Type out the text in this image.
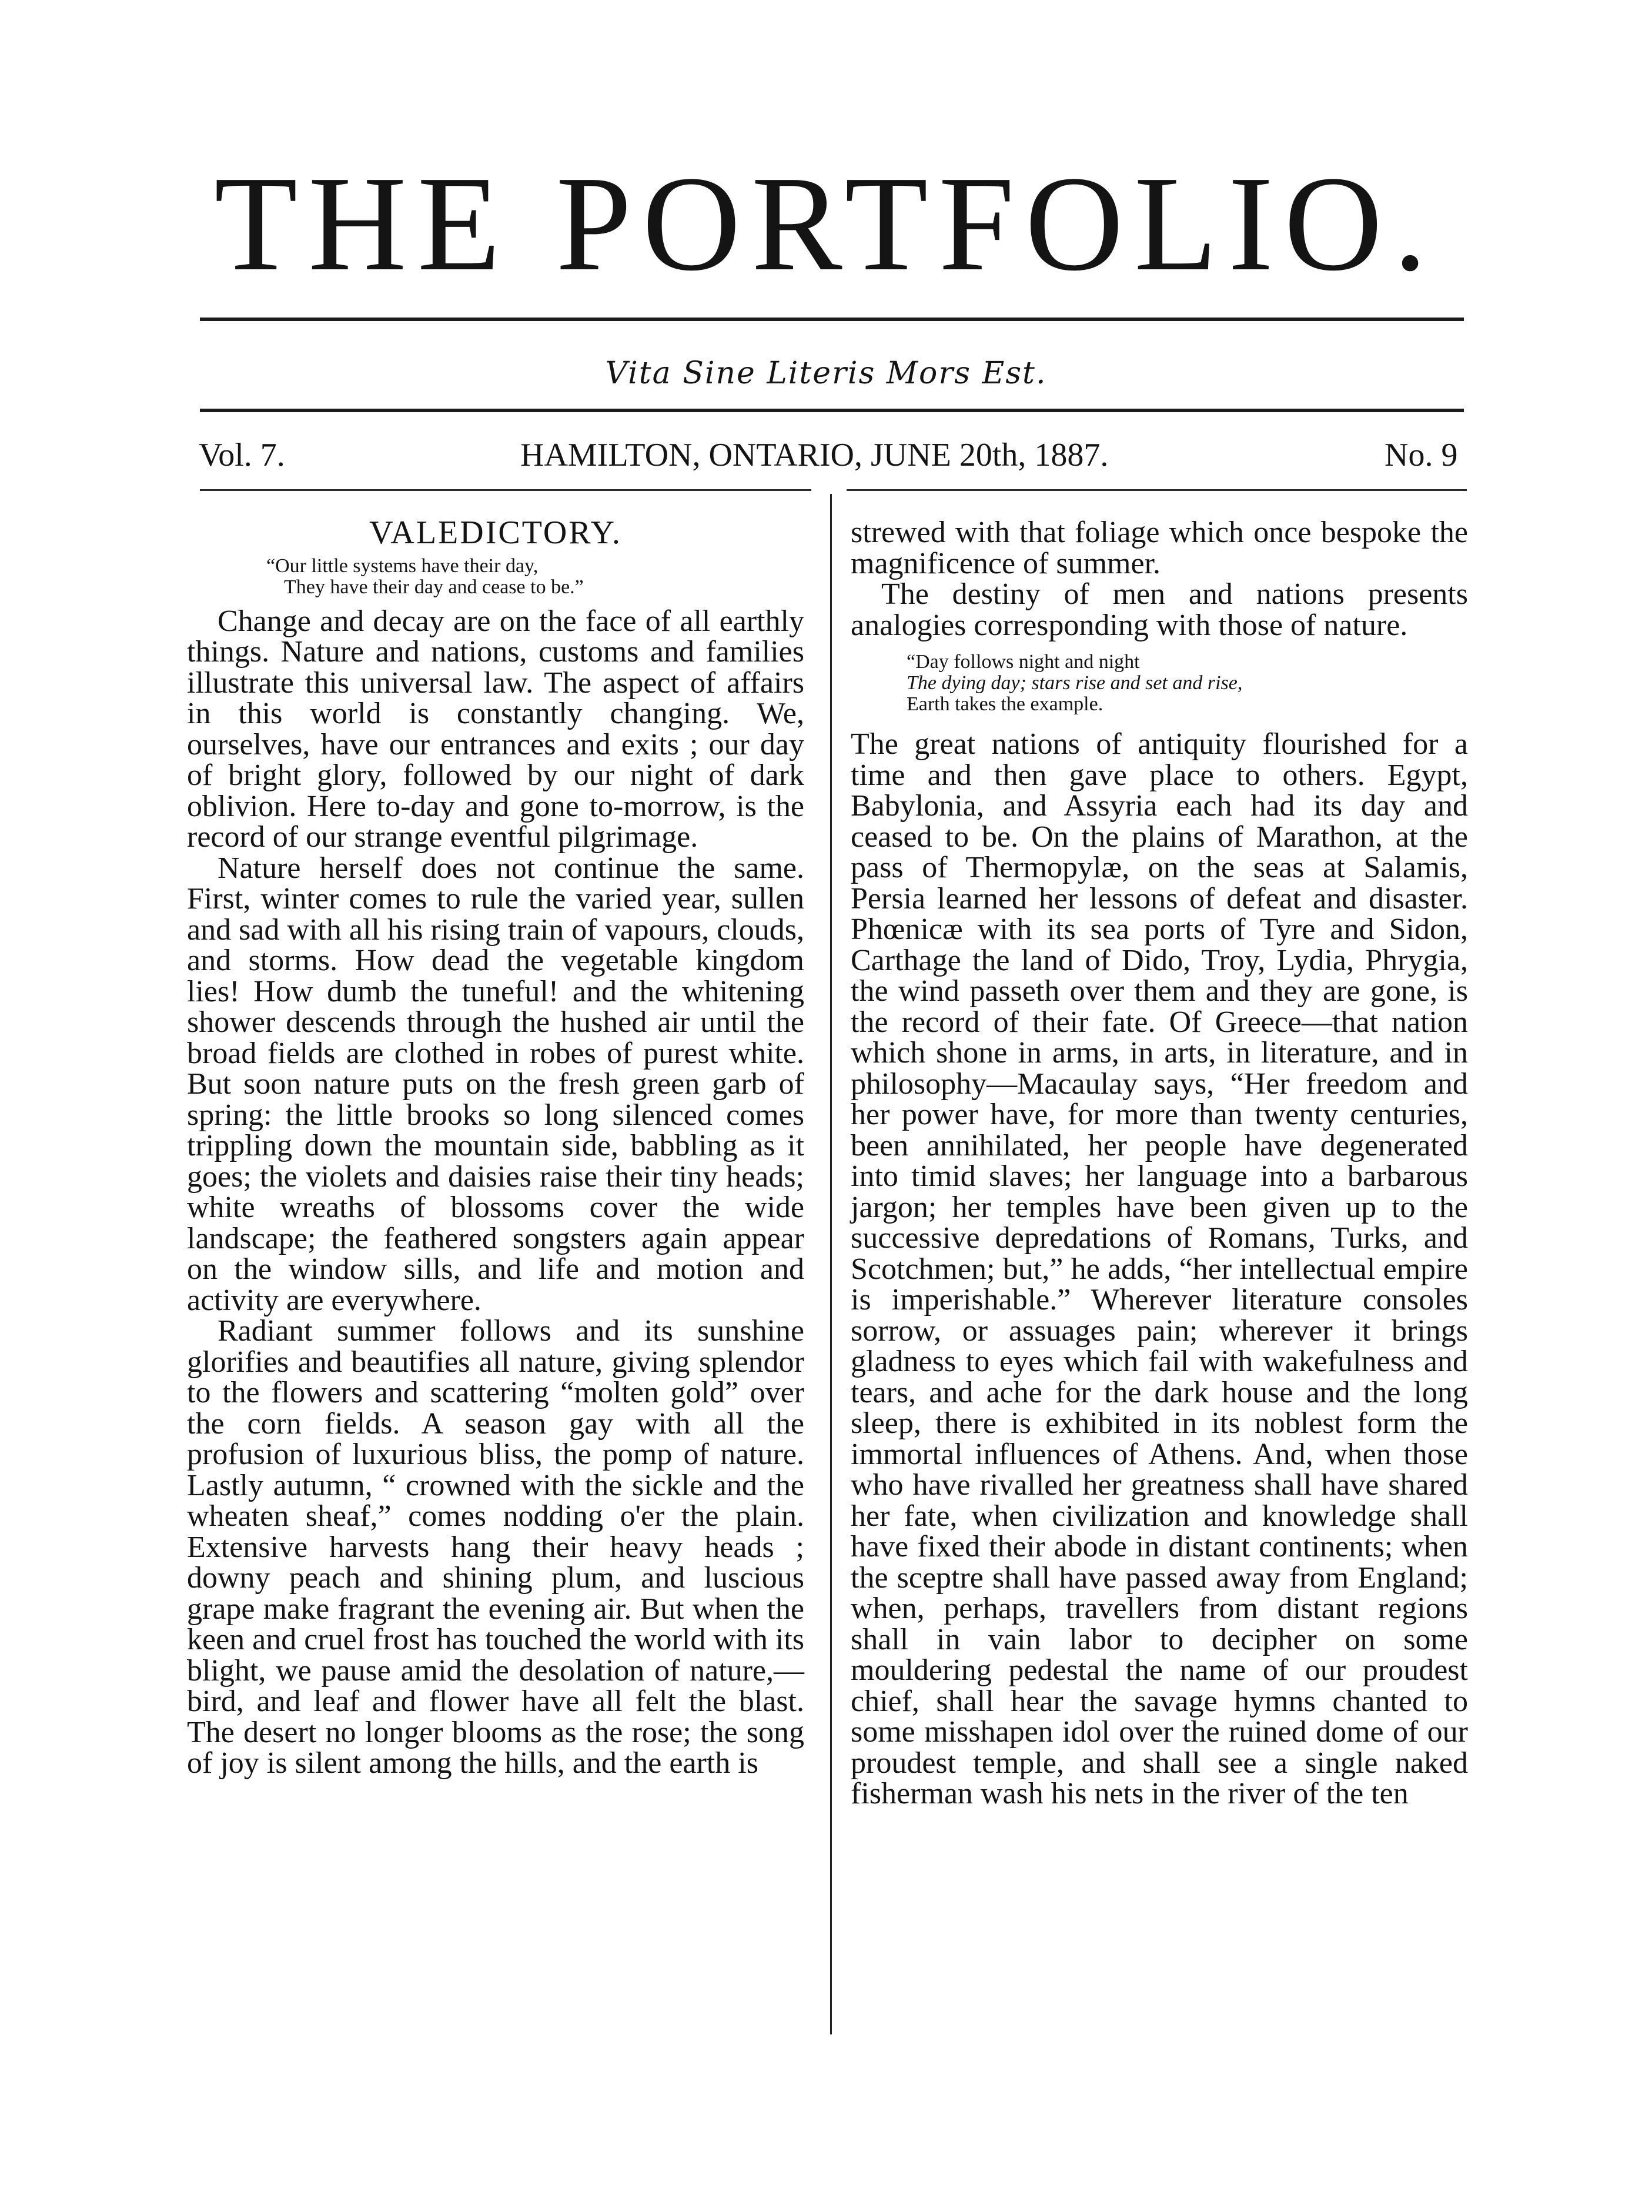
THE PORTFOLIO.
Vita Sine Literis Mors Est.
Vol. 7.	HAMILTON, ONTARIO, JUNE 20th, 1887.	No. 9
VALEDICTORY.
“Our little systems have their day,
They have their day and cease to be.”

Change and decay are on the face of all earthly things. Nature and nations, customs and families illustrate this universal law. The aspect of affairs in this world is constantly changing. We, ourselves, have our entrances and exits ; our day of bright glory, followed by our night of dark oblivion. Here to-day and gone to-morrow, is the record of our strange eventful pilgrimage.

Nature herself does not continue the same. First, winter comes to rule the varied year, sullen and sad with all his rising train of vapours, clouds, and storms. How dead the vegetable kingdom lies! How dumb the tuneful! and the whitening shower descends through the hushed air until the broad fields are clothed in robes of purest white. But soon nature puts on the fresh green garb of spring: the little brooks so long silenced comes trippling down the mountain side, babbling as it goes; the violets and daisies raise their tiny heads; white wreaths of blossoms cover the wide landscape; the feathered songsters again appear on the window sills, and life and motion and activity are everywhere.

Radiant summer follows and its sunshine glorifies and beautifies all nature, giving splendor to the flowers and scattering “molten gold” over the corn fields. A season gay with all the profusion of luxurious bliss, the pomp of nature. Lastly autumn, “ crowned with the sickle and the wheaten sheaf,” comes nodding o'er the plain. Extensive harvests hang their heavy heads ; downy peach and shining plum, and luscious grape make fragrant the evening air. But when the keen and cruel frost has touched the world with its blight, we pause amid the desolation of nature,—bird, and leaf and flower have all felt the blast. The desert no longer blooms as the rose; the song of joy is silent among the hills, and the earth is

strewed with that foliage which once bespoke the magnificence of summer.

The destiny of men and nations presents analogies corresponding with those of nature.

“Day follows night and night
The dying day; stars rise and set and rise,
Earth takes the example.

The great nations of antiquity flourished for a time and then gave place to others. Egypt, Babylonia, and Assyria each had its day and ceased to be. On the plains of Marathon, at the pass of Thermopylæ, on the seas at Salamis, Persia learned her lessons of defeat and disaster. Phœnicæ with its sea ports of Tyre and Sidon, Carthage the land of Dido, Troy, Lydia, Phrygia, the wind passeth over them and they are gone, is the record of their fate. Of Greece—that nation which shone in arms, in arts, in literature, and in philosophy—Macaulay says, “Her freedom and her power have, for more than twenty centuries, been annihilated, her people have degenerated into timid slaves; her language into a barbarous jargon; her temples have been given up to the successive depredations of Romans, Turks, and Scotchmen; but,” he adds, “her intellectual empire is imperishable.” Wherever literature consoles sorrow, or assuages pain; wherever it brings gladness to eyes which fail with wakefulness and tears, and ache for the dark house and the long sleep, there is exhibited in its noblest form the immortal influences of Athens. And, when those who have rivalled her greatness shall have shared her fate, when civilization and knowledge shall have fixed their abode in distant continents; when the sceptre shall have passed away from England; when, perhaps, travellers from distant regions shall in vain labor to decipher on some mouldering pedestal the name of our proudest chief, shall hear the savage hymns chanted to some misshapen idol over the ruined dome of our proudest temple, and shall see a single naked fisherman wash his nets in the river of the ten
